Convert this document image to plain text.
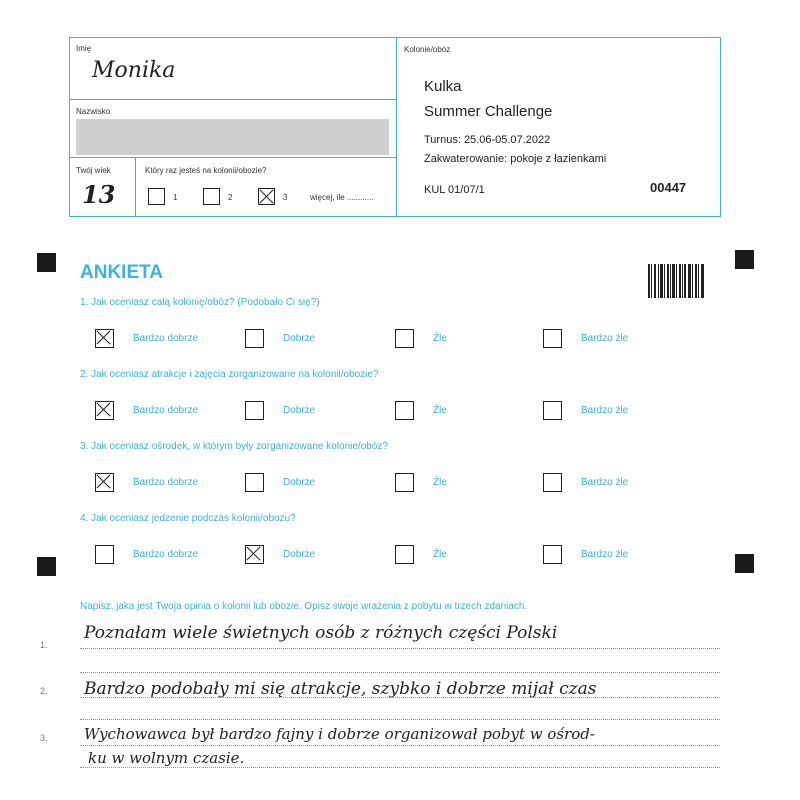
Imię
Monika
Nazwisko
Twój wiek
13
Który raz jesteś na kolonii/obozie?
1	2	3	więcej, ile ............
Kolonie/obóz
Kulka
Summer Challenge
Turnus: 25.06-05.07.2022
Zakwaterowanie: pokoje z łazienkami
KUL 01/07/1	00447
ANKIETA
1. Jak oceniasz całą kolonię/obóz? (Podobało Ci się?)
Bardzo dobrze	Dobrze	Źle	Bardzo źle
2. Jak oceniasz atrakcje i zajęcia zorganizowane na kolonii/obozie?
Bardzo dobrze	Dobrze	Źle	Bardzo źle
3. Jak oceniasz ośrodek, w którym były zorganizowane kolonie/obóz?
Bardzo dobrze	Dobrze	Źle	Bardzo źle
4. Jak oceniasz jedzenie podczas kolonii/obozu?
Bardzo dobrze	Dobrze	Źle	Bardzo źle
Napisz, jaka jest Twoja opinia o kolonii lub obozie. Opisz swoje wrażenia z pobytu w trzech zdaniach.
1.
Poznałam wiele świetnych osób z różnych części Polski
2. Bardzo podobały mi się atrakcje, szybko i dobrze mijał czas
3. Wychowawca był bardzo fajny i dobrze organizował pobyt w ośrod-
ku w wolnym czasie.
